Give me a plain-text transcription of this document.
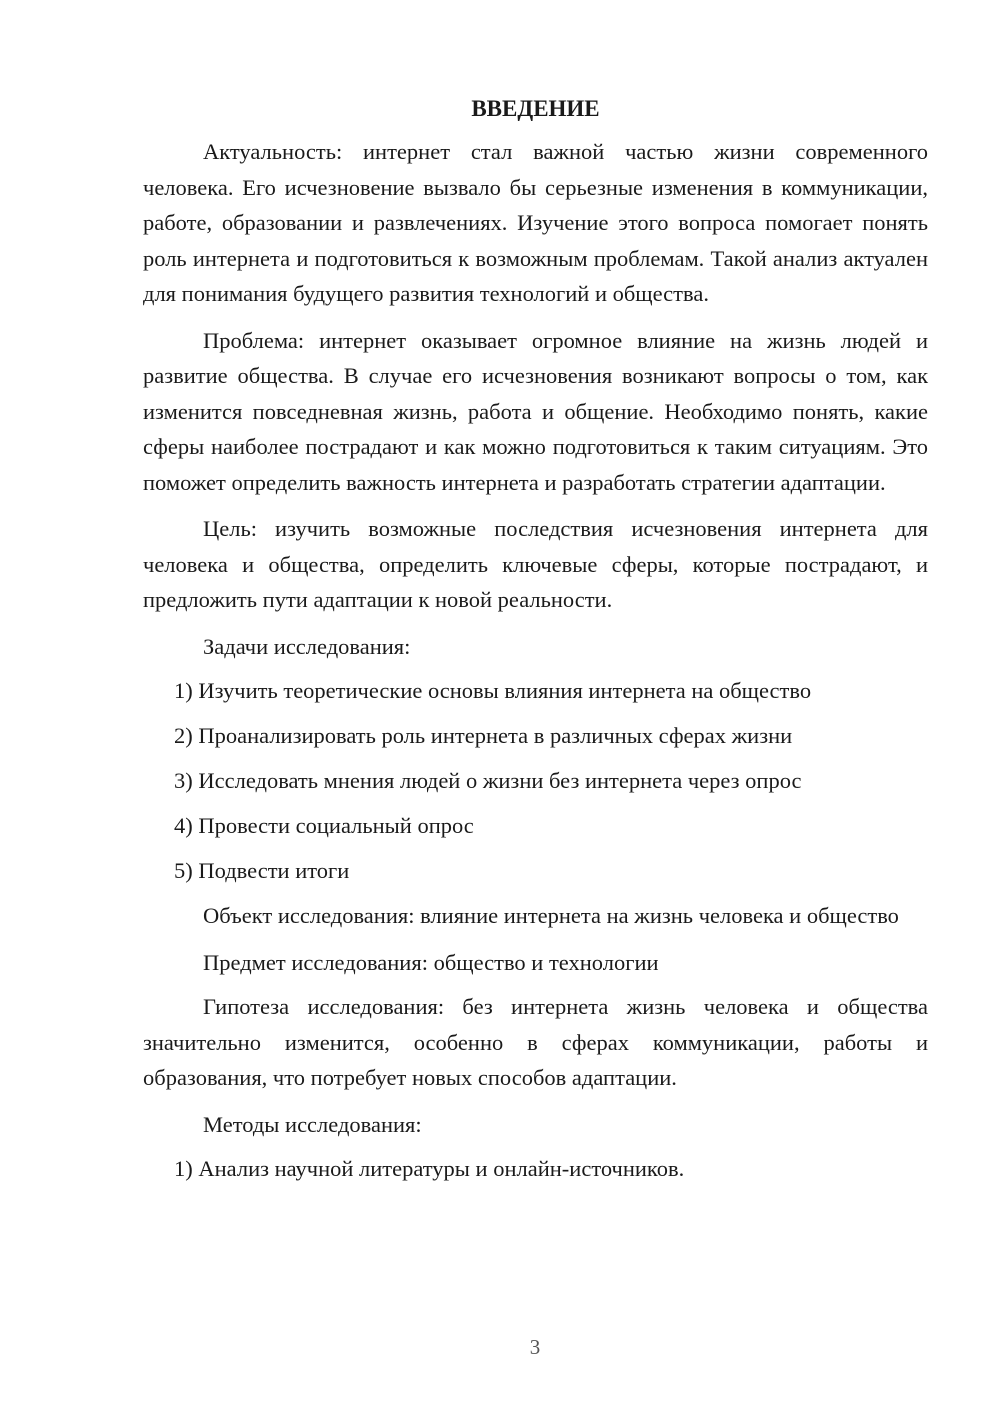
ВВЕДЕНИЕ

Актуальность: интернет стал важной частью жизни современного человека. Его исчезновение вызвало бы серьезные изменения в коммуникации, работе, образовании и развлечениях. Изучение этого вопроса помогает понять роль интернета и подготовиться к возможным проблемам. Такой анализ актуален для понимания будущего развития технологий и общества.

Проблема: интернет оказывает огромное влияние на жизнь людей и развитие общества. В случае его исчезновения возникают вопросы о том, как изменится повседневная жизнь, работа и общение. Необходимо понять, какие сферы наиболее пострадают и как можно подготовиться к таким ситуациям. Это поможет определить важность интернета и разработать стратегии адаптации.

Цель: изучить возможные последствия исчезновения интернета для человека и общества, определить ключевые сферы, которые пострадают, и предложить пути адаптации к новой реальности.

Задачи исследования:

1) Изучить теоретические основы влияния интернета на общество
2) Проанализировать роль интернета в различных сферах жизни
3) Исследовать мнения людей о жизни без интернета через опрос
4) Провести социальный опрос
5) Подвести итоги

Объект исследования: влияние интернета на жизнь человека и общество

Предмет исследования: общество и технологии

Гипотеза исследования: без интернета жизнь человека и общества значительно изменится, особенно в сферах коммуникации, работы и образования, что потребует новых способов адаптации.

Методы исследования:

1) Анализ научной литературы и онлайн-источников.
3
